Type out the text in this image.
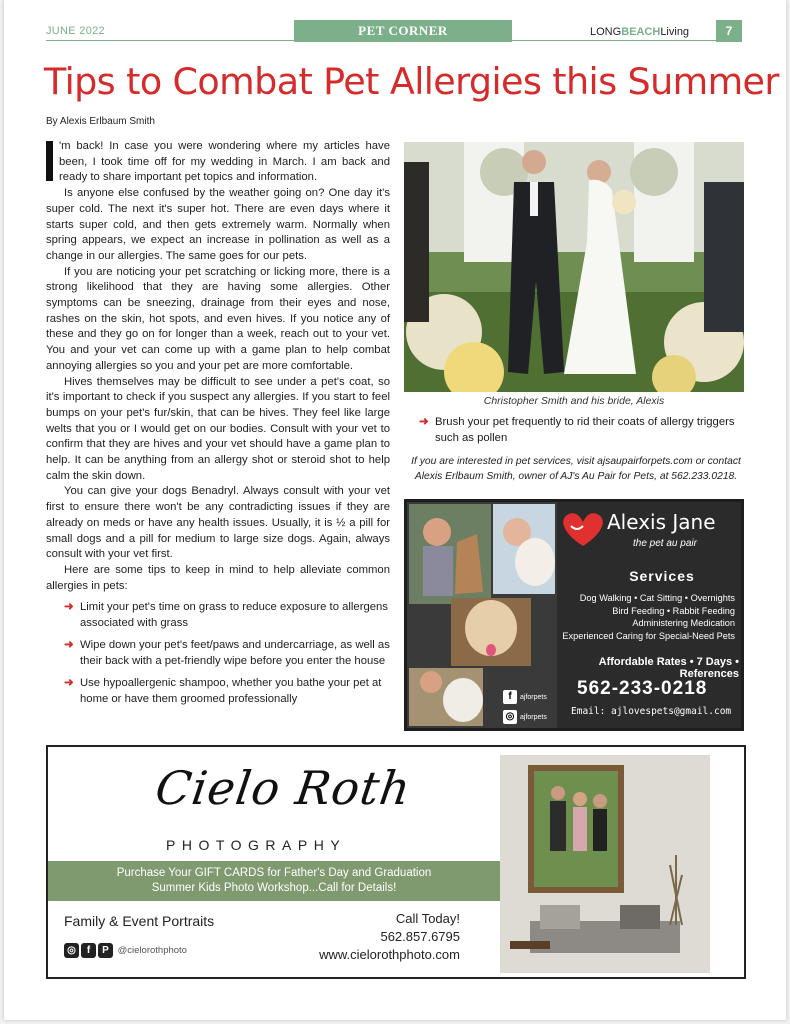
JUNE 2022	PET CORNER	LONGBEACHLiving	7
Tips to Combat Pet Allergies this Summer
By Alexis Erlbaum Smith

'm back! In case you were wondering where my articles have been, I took time off for my wedding in March. I am back and ready to share important pet topics and information.

Is anyone else confused by the weather going on? One day it's super cold. The next it's super hot. There are even days where it starts super cold, and then gets extremely warm. Normally when spring appears, we expect an increase in pollination as well as a change in our allergies. The same goes for our pets.

If you are noticing your pet scratching or licking more, there is a strong likelihood that they are having some allergies. Other symptoms can be sneezing, drainage from their eyes and nose, rashes on the skin, hot spots, and even hives. If you notice any of these and they go on for longer than a week, reach out to your vet. You and your vet can come up with a game plan to help combat annoying allergies so you and your pet are more comfortable.

Hives themselves may be difficult to see under a pet's coat, so it's important to check if you suspect any allergies. If you start to feel bumps on your pet's fur/skin, that can be hives. They feel like large welts that you or I would get on our bodies. Consult with your vet to confirm that they are hives and your vet should have a game plan to help. It can be anything from an allergy shot or steroid shot to help calm the skin down.

You can give your dogs Benadryl. Always consult with your vet first to ensure there won't be any contradicting issues if they are already on meds or have any health issues. Usually, it is ½ a pill for small dogs and a pill for medium to large size dogs. Again, always consult with your vet first.

Here are some tips to keep in mind to help alleviate common allergies in pets:

➜ Limit your pet's time on grass to reduce exposure to allergens associated with grass
➜ Wipe down your pet's feet/paws and undercarriage, as well as their back with a pet-friendly wipe before you enter the house
➜ Use hypoallergenic shampoo, whether you bathe your pet at home or have them groomed professionally
Christopher Smith and his bride, Alexis
➜ Brush your pet frequently to rid their coats of allergy triggers such as pollen
If you are interested in pet services, visit ajsaupairforpets.com or contact Alexis Erlbaum Smith, owner of AJ's Au Pair for Pets, at 562.233.0218.
Alexis Jane
the pet au pair
Services
Dog Walking • Cat Sitting • Overnights
Bird Feeding • Rabbit Feeding
Administering Medication
Experienced Caring for Special-Need Pets
Affordable Rates • 7 Days • References
562-233-0218
f ajforpets
◎ ajforpets
Email: ajlovespets@gmail.com
Cielo Roth
PHOTOGRAPHY
Purchase Your GIFT CARDS for Father's Day and Graduation
Summer Kids Photo Workshop...Call for Details!
Family & Event Portraits
◎ f P @cielorothphoto
Call Today!
562.857.6795
www.cielorothphoto.com
